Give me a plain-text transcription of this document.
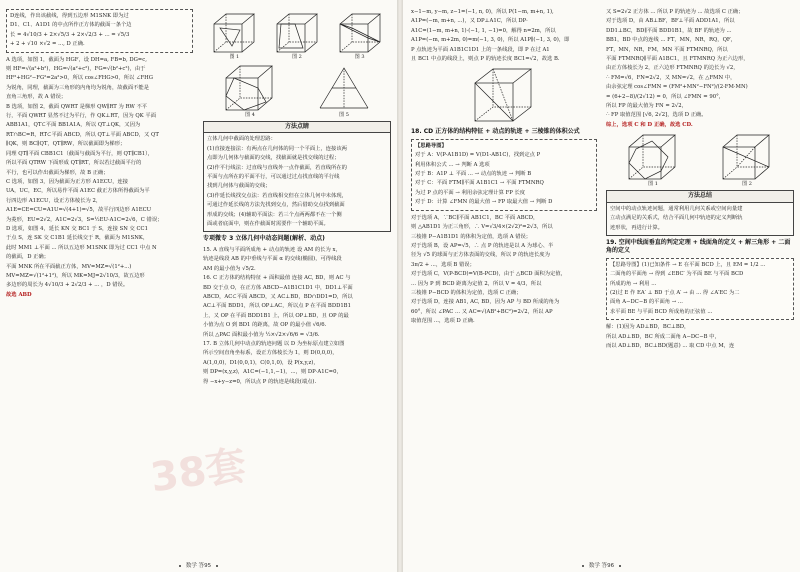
D连线，作出该截线，得到五边形 M1SNK 即为过

D1、C1、A1D1 的中点所作正方体的截面一条个边

长 = 4√10/3 + 2×√5/3 + 2×√2/3 + ... = √5/3

+ 2 + √10 ×√2 = ..., D 正确.

A 选项，如图 1，截面为 HGF，设 DH=a, FB=b, DG=c,

则 HF=√(a²+b²)，HG=√(a²+c²)，FG=√(b²+c²)，由于

HF²+HG²−FG²=2a²>0，所以 cos∠FHG>0，所以 ∠FHG

为锐角，同理，截面为三角形的内角均为锐角，故截面不能是

直角三角形，故 A 错误；

B 选项，如图 2，截面 QWRT 是梯形 QW∥RT 为 RW 不平

行，平面 QWRT 显然不过为平行，作 QK⊥RT，因为 QK 平面

ABB1A1，QT⊂平面 BB1A1A，所以 QT⊥QK，又因为

RT∩BC=R，RT⊂平面 ABCD，所以 QT⊥平面 ABCD，又 QT

∥QK，则 BC∥QT，QT∥RW，所以截面即为梯形；

同理 QT∥平面 CBB1C1（截面与截面为平行，则 QT∥CB1），

所以平面 QTRW 下面形成 QT∥RT，所以若过截面平行的

平行，也可以作出截面为梯形，故 B 正确；

C 选项，如图 3，因为截面为正方形 A1ECU，连接

UA，UC，EC，所以易作平面 A1EC 截正方体所得截面为平

行四边形 A1ECU，设正方体棱长为 2，

A1E=CE=CU=A1U=√(4+1)=√5，故平行四边形 A1ECU

为菱形，EU=2√2，A1C=2√3，S=½EU·A1C=2√6，C 错误；

D 选项，如图 4，延长 KN 交 BC1 于 S，连接 SN 交 CC1

于点 S，连 SK 交 C1B1 延长线交于 R，截面为 M1SNK，

此时 MM1 ⊥平面 ... 所以五边形 M1SNK 即为过 CC1 中点 N

的截面，D 正确；

平面 MNK 所在平面截正方体，MV=MZ=√(1²+...)

MV=MZ=√(1²+1²)，所以 MK=MJ=2√10/3，故五边形

多边形的周长为 4√10/3 + 2√2/3 + ... ，D 错误。

故选 ABD

图 1	图 2	图 3
图 4	图 5
方法点睛

立体几何中截面的处理思路：

(1)直接连接法：有两点在几何体的同一个平面上，连接该两

点即为几何体与截面的交线，找截面就是找交线的过程；

(2)作平行线法：过直线与直线外一点作截面，若直线所在的

平面与点所在的平面平行，可以通过过点找直线的平行线

找到几何体与截面的交线；

(3)作延长线找交点法：若直线相交但在立体几何中未体现，

可通过作延长线的方法先找到交点，然后借助交点找到截面

形成的交线；(4)辅助平面法：若三个点两两都不在一个侧

面或者底面中，则在作截面时需要作一个辅助平面。

专项微专 3 立体几何中动态问题(解析、动点)

15. A 直线与平面所成角 + 动点的轨迹 设 AM 的长为 x，

轨迹是线段 AB 的中垂线与平面 α 的交线(椭圆)，可得线段

AM 的最小值为 √5/2.

16. C 正方体的结构特征 + 面积最值 连接 AC, BD，则 AC 与

BD 交于点 O，在正方体 ABCD−A1B1C1D1 中，DD1⊥平面

ABCD，AC⊂平面 ABCD，又 AC⊥BD，BD∩DD1=D，所以

AC⊥平面 BDD1，所以 OP⊥AC，所以点 P 在平面 BDD1B1

上，又 OP 在平面 BDD1B1 上，所以 OP⊥BD，且 OP 的最

小值为点 O 到 BD1 的距离，故 OP 的最小值 √6/6.

所以 △PAC 面积最小值为 ½×√2×√6/6 = √3/6.

17. B 立体几何中动点的轨迹问题 以 D 为坐标原点建立如图

所示空间直角坐标系，设正方体棱长为 1，则 D(0,0,0)，

A(1,0,0)，D1(0,0,1)，C(0,1,0)，设 P(x,y,z)，

则 DP=(x,y,z)，A1C=(−1,1,−1)，...，则 DP·A1C=0，

得 −x+y−z=0，所以点 P 的轨迹是线段(端点).

38套
数学 答95

x−1−m, y−m, z−1=(−1, n, 0)，所以 P(1−m, m+n, 1),

A1P=(−m, m+n, ...)，又 DP⊥A1C，所以 DP·

A1C=(1−m, m+n, 1)·(−1, 1, −1)=0，解得 n=2m，所以

A1P=(−m, m+2m, 0)=m(−1, 3, 0)，所以 A1P∥(−1, 3, 0)，即

P 点轨迹为平面 A1B1C1D1 上的一条线段，即 P 在过 A1

且 BC1 中点的线段上，则点 P 的轨迹长度 BC1=√2，故选 B.

18. CD 正方体的结构特征 + 动点的轨迹 + 三棱锥的体积公式

【思路导图】

对于 A：V(P-A1B1D) = V(D1-AB1C)，找到定点 P

利用体积公式 ... → 判断 A 选项

对于 B：A1P ⊥ 平面 ... → 动点的轨迹 → 判断 B

对于 C：平面 FTM∥平面 A1B1C1 → 平面 FTMNRQ

为过 P 点的平面 → 利用余弦定理计算 FP 长度

对于 D：计算 ∠FMN 的最大值 → FP 取最大值 → 判断 D

对于选项 A，∵BC∥平面 AB1C1，BC 平面 ABCD，

则 △AB1D1 为正三角形，∴ V=√3/4×(2√2)²=2√3，所以

三棱锥 P−A1B1D1 的体积为定值，选项 A 错误；

对于选项 B，设 AP=√5，∴ 点 P 的轨迹是以 A 为球心、半

径为 √5 的球面与正方体表面的交线，所以 P 的轨迹长度为

3π/2 + ...，选项 B 错误；

对于选项 C，V(P-BCD)=V(B-PCD)，由于 △BCD 面积为定值，

... 因为 P 到 BCD 距离为定值 2，所以 V = 4/3，所以

三棱锥 P−BCD 的体积为定值，选项 C 正确；

对于选项 D，连接 AB1, AC, BD，因为 AP 与 BD 所成的角为

60°，所以 ∠PAC ... 又 AC=√(AB²+BC²)=2√2，所以 AP

取值范围 ...，选项 D 正确.

又 S=2√2 正方体 ... 所以 P 的轨迹为 ... 故选项 C 正确；

对于选项 D，由 AB⊥BF，BF⊥平面 ADD1A1，所以

DD1⊥BC，BD∥平面 BDD1B1，故 BF 的轨迹为 ...

BB1，BD 中点的连线 ... FT，MN，NR，RQ，QF，

FT，MN，NR，FM，MN 平面 FTMNRQ，所以

平面 FTMNRQ∥平面 A1BC1，且 FTMNRQ 为正六边形，

由正方体棱长为 2，正六边形 FTMNRQ 的边长为 √2，

∴ FM=√6，FN=2√2，又 MN=√2，在 △FMN 中，

由余弦定理 cos∠FMN = (FM²+MN²−FN²)/(2·FM·MN)

= (6+2−8)/(2√12) = 0，所以 ∠FMN = 90°，

所以 FP 的最大值为 FN = 2√2，

∴ FP 取值范围 [√6, 2√2]，选项 D 正确。

综上，选项 C 和 D 正确，故选 CD.

图 1	图 2
方法总结

空间中的动点轨迹问题，通常利用几何关系或空间向量建

立动点满足的关系式，结合平面几何中轨迹的定义判断轨

迹形状，再进行计算。

19. 空间中线面垂直的判定定理 + 线面角的定义 + 解三角形 + 二面角的定义

【思路导图】(1)已知条件 → E 在平面 BCD 上，且 EM = 1/2 ...

二面角的平面角 → 得到 ∠EBC′ 为平面 BE 与平面 BCD

所成的角 → 利用 ...

(2)过 E 作 EA′ ⊥ BD 于点 A′ → 由 ... 得 ∠A′EC 为二

面角 A−DC−B 的平面角 → ...

求平面 BE 与平面 BCD 所成角的正弦值 ...

解：(1)因为 AD⊥BD，BC⊥BD，

所以 AD⊥BD，BC 所成二面角 A−DC−B 中，

而以 AD⊥BD，BC⊥BD(题意) ... 取 CD 中点 M，连

数学 答96
